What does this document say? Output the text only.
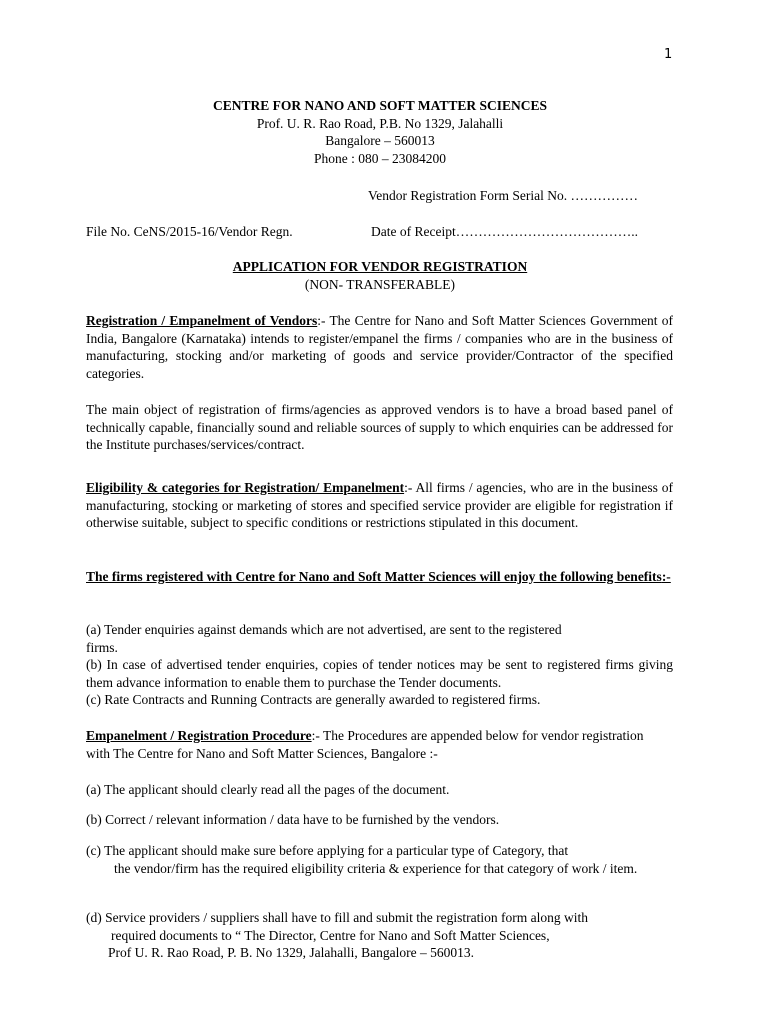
1
CENTRE FOR NANO AND SOFT MATTER SCIENCES
Prof. U. R. Rao Road, P.B. No 1329, Jalahalli
Bangalore – 560013
Phone : 080 – 23084200
Vendor Registration Form Serial No. ……………
File No. CeNS/2015-16/Vendor Regn.	Date of Receipt…………………………………..
APPLICATION FOR VENDOR REGISTRATION
(NON- TRANSFERABLE)

Registration / Empanelment of Vendors:- The Centre for Nano and Soft Matter Sciences Government of India, Bangalore (Karnataka) intends to register/empanel the firms / companies who are in the business of manufacturing, stocking and/or marketing of goods and service provider/Contractor of the specified categories.

The main object of registration of firms/agencies as approved vendors is to have a broad based panel of technically capable, financially sound and reliable sources of supply to which enquiries can be addressed for the Institute purchases/services/contract.

Eligibility & categories for Registration/ Empanelment:- All firms / agencies, who are in the business of manufacturing, stocking or marketing of stores and specified service provider are eligible for registration if otherwise suitable, subject to specific conditions or restrictions stipulated in this document.

The firms registered with Centre for Nano and Soft Matter Sciences will enjoy the following benefits:-

(a) Tender enquiries against demands which are not advertised, are sent to the registered
firms.
(b) In case of advertised tender enquiries, copies of tender notices may be sent to registered firms giving them advance information to enable them to purchase the Tender documents.
(c) Rate Contracts and Running Contracts are generally awarded to registered firms.
Empanelment / Registration Procedure:- The Procedures are appended below for vendor registration with The Centre for Nano and Soft Matter Sciences, Bangalore :-
(a) The applicant should clearly read all the pages of the document.
(b) Correct / relevant information / data have to be furnished by the vendors.
(c) The applicant should make sure before applying for a particular type of Category, that
the vendor/firm has the required eligibility criteria & experience for that category of work / item.
(d) Service providers / suppliers shall have to fill and submit the registration form along with
required documents to “ The Director, Centre for Nano and Soft Matter Sciences,
Prof U. R. Rao Road, P. B. No 1329, Jalahalli, Bangalore – 560013.
